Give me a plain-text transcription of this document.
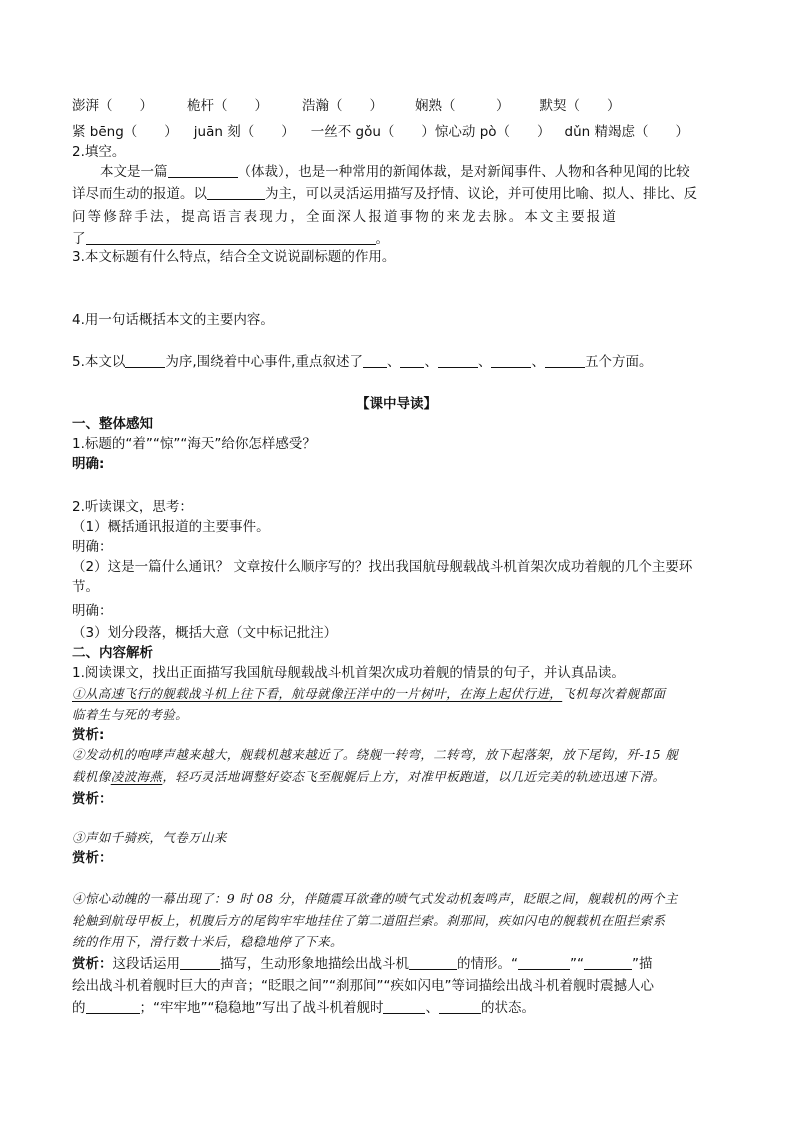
澎湃（　　）	桅杆（　　）	浩瀚（　　） 娴熟（　　　） 默契（　　）
紧 bēng（　　） juān 刻（　　） 一丝不 gǒu（　　）惊心动 pò（　　） dǔn 精竭虑（　　）
2.填空。
本文是一篇	（体裁），也是一种常用的新闻体裁，是对新闻事件、人物和各种见闻的比较
详尽而生动的报道。以	为主，可以灵活运用描写及抒情、议论，并可使用比喻、拟人、排比、反
问等修辞手法，提高语言表现力，全面深人报道事物的来龙去脉。本文主要报道
了	。
3.本文标题有什么特点，结合全文说说副标题的作用。
4.用一句话概括本文的主要内容。
5.本文以	为序,围绕着中心事件,重点叙述了 、 、	、	、	五个方面。
【课中导读】
一、整体感知
1.标题的“着”“惊”“海天”给你怎样感受？
明确:
2.听读课文，思考：
（1）概括通讯报道的主要事件。
明确：
（2）这是一篇什么通讯？ 文章按什么顺序写的？找出我国航母舰载战斗机首架次成功着舰的几个主要环
节。
明确：
（3）划分段落，概括大意（文中标记批注）
二、内容解析
1.阅读课文，找出正面描写我国航母舰载战斗机首架次成功着舰的情景的句子，并认真品读。
①从高速飞行的舰载战斗机上往下看，航母就像汪洋中的一片树叶，在海上起伏行进，飞机每次着舰都面
临着生与死的考验。
赏析:
②发动机的咆哮声越来越大，舰载机越来越近了。绕舰一转弯，二转弯，放下起落架，放下尾钩，歼-15 舰
载机像凌波海燕，轻巧灵活地调整好姿态飞至舰艉后上方，对准甲板跑道，以几近完美的轨迹迅速下滑。
赏析：
③声如千骑疾，气卷万山来
赏析：
④惊心动魄的一幕出现了：9 时 08 分，伴随震耳欲聋的喷气式发动机轰鸣声，眨眼之间，舰载机的两个主
轮触到航母甲板上，机腹后方的尾钩牢牢地挂住了第二道阻拦索。刹那间，疾如闪电的舰载机在阻拦索系
统的作用下，滑行数十米后，稳稳地停了下来。
赏析：这段话运用	描写，生动形象地描绘出战斗机	的情形。“	”“	”描
绘出战斗机着舰时巨大的声音；“眨眼之间”“刹那间”“疾如闪电”等词描绘出战斗机着舰时震撼人心
的	；“牢牢地”“稳稳地”写出了战斗机着舰时	、	的状态。
